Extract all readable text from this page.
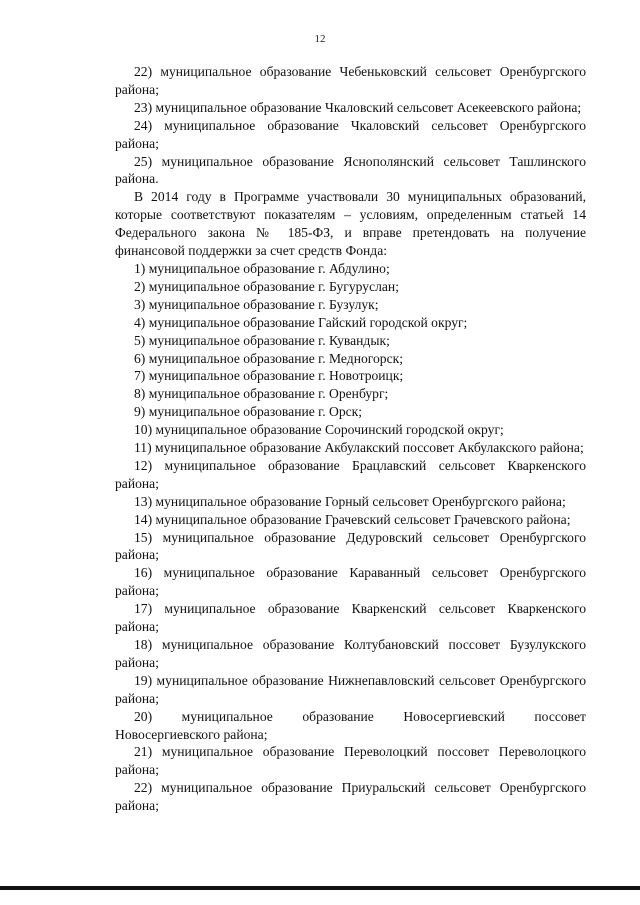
12

22) муниципальное образование Чебеньковский сельсовет Оренбургского района;

23) муниципальное образование Чкаловский сельсовет Асекеевского района;

24) муниципальное образование Чкаловский сельсовет Оренбургского района;

25) муниципальное образование Яснополянский сельсовет Ташлинского района.

В 2014 году в Программе участвовали 30 муниципальных образований, которые соответствуют показателям – условиям, определенным статьей 14 Федерального закона № 185-ФЗ, и вправе претендовать на получение финансовой поддержки за счет средств Фонда:

1) муниципальное образование г. Абдулино;

2) муниципальное образование г. Бугуруслан;

3) муниципальное образование г. Бузулук;

4) муниципальное образование Гайский городской округ;

5) муниципальное образование г. Кувандык;

6) муниципальное образование г. Медногорск;

7) муниципальное образование г. Новотроицк;

8) муниципальное образование г. Оренбург;

9) муниципальное образование г. Орск;

10) муниципальное образование Сорочинский городской округ;

11) муниципальное образование Акбулакский поссовет Акбулакского района;

12) муниципальное образование Брацлавский сельсовет Кваркенского района;

13) муниципальное образование Горный сельсовет Оренбургского района;

14) муниципальное образование Грачевский сельсовет Грачевского района;

15) муниципальное образование Дедуровский сельсовет Оренбургского района;

16) муниципальное образование Караванный сельсовет Оренбургского района;

17) муниципальное образование Кваркенский сельсовет Кваркенского района;

18) муниципальное образование Колтубановский поссовет Бузулукского района;

19) муниципальное образование Нижнепавловский сельсовет Оренбургского района;

20) муниципальное образование Новосергиевский поссовет Новосергиевского района;

21) муниципальное образование Переволоцкий поссовет Переволоцкого района;

22) муниципальное образование Приуральский сельсовет Оренбургского района;
